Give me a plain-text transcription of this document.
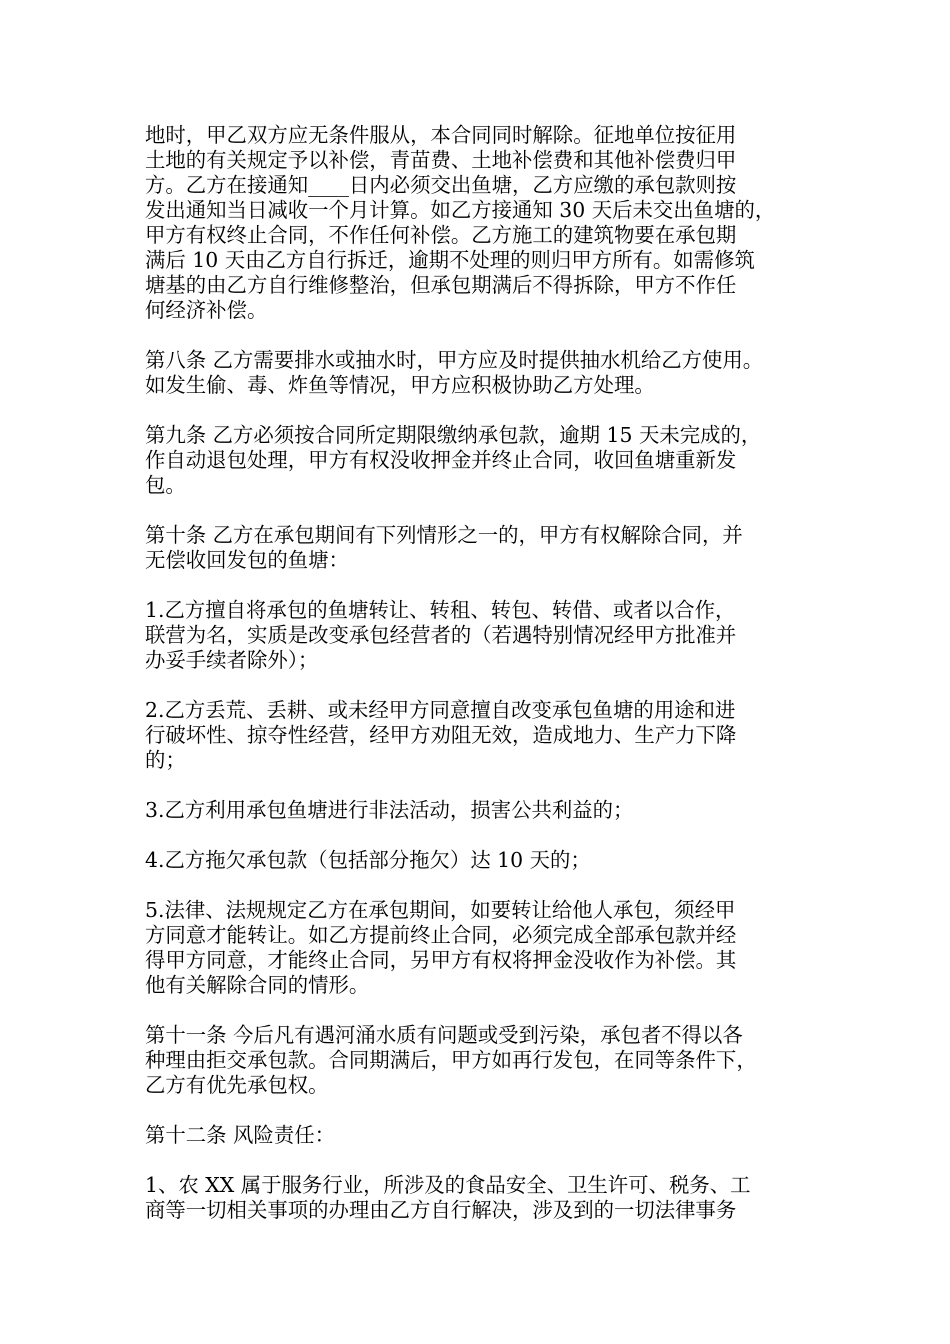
地时，甲乙双方应无条件服从，本合同同时解除。征地单位按征用
土地的有关规定予以补偿，青苗费、土地补偿费和其他补偿费归甲
方。乙方在接通知____日内必须交出鱼塘，乙方应缴的承包款则按
发出通知当日减收一个月计算。如乙方接通知 30 天后未交出鱼塘的，
甲方有权终止合同，不作任何补偿。乙方施工的建筑物要在承包期
满后 10 天由乙方自行拆迁，逾期不处理的则归甲方所有。如需修筑
塘基的由乙方自行维修整治，但承包期满后不得拆除，甲方不作任
何经济补偿。

第八条 乙方需要排水或抽水时，甲方应及时提供抽水机给乙方使用。
如发生偷、毒、炸鱼等情况，甲方应积极协助乙方处理。

第九条 乙方必须按合同所定期限缴纳承包款，逾期 15 天未完成的，
作自动退包处理，甲方有权没收押金并终止合同，收回鱼塘重新发
包。

第十条 乙方在承包期间有下列情形之一的，甲方有权解除合同，并
无偿收回发包的鱼塘：

1.乙方擅自将承包的鱼塘转让、转租、转包、转借、或者以合作，
联营为名，实质是改变承包经营者的（若遇特别情况经甲方批准并
办妥手续者除外）；

2.乙方丢荒、丢耕、或未经甲方同意擅自改变承包鱼塘的用途和进
行破坏性、掠夺性经营，经甲方劝阻无效，造成地力、生产力下降
的；

3.乙方利用承包鱼塘进行非法活动，损害公共利益的；

4.乙方拖欠承包款（包括部分拖欠）达 10 天的；

5.法律、法规规定乙方在承包期间，如要转让给他人承包，须经甲
方同意才能转让。如乙方提前终止合同，必须完成全部承包款并经
得甲方同意，才能终止合同，另甲方有权将押金没收作为补偿。其
他有关解除合同的情形。

第十一条 今后凡有遇河涌水质有问题或受到污染，承包者不得以各
种理由拒交承包款。合同期满后，甲方如再行发包，在同等条件下，
乙方有优先承包权。

第十二条 风险责任：

1、农 XX 属于服务行业，所涉及的食品安全、卫生许可、税务、工
商等一切相关事项的办理由乙方自行解决，涉及到的一切法律事务
